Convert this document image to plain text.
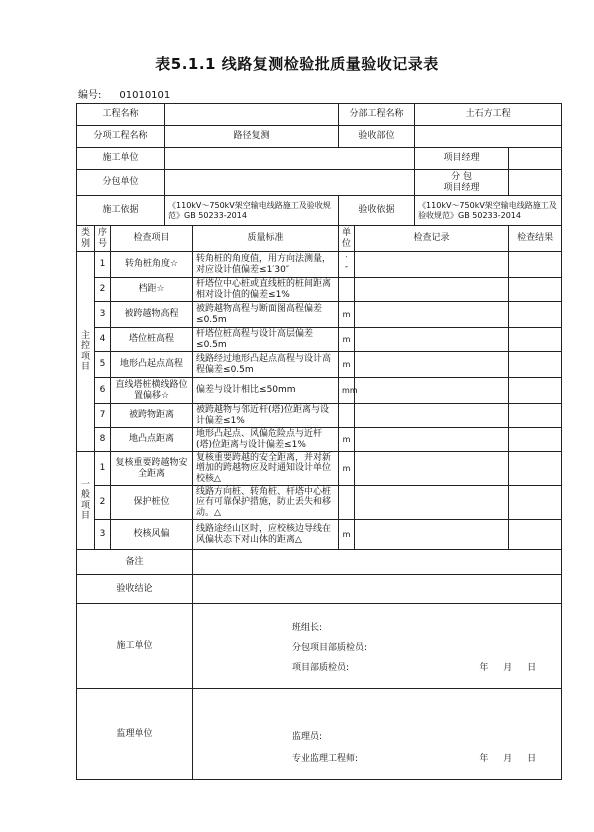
表5.1.1 线路复测检验批质量验收记录表
编号: 01010101
工程名称					分部工程名称		土石方工程	
分项工程名称			路径复测		验收部位			
施工单位							项目经理	
分包单位							分 包
项目经理	

施工依据			《110kV～750kV架空输电线路施工及验收规范》GB 50233-2014		验收依据		《110kV～750kV架空输电线路施工及验收规范》GB 50233-2014	
类别	序号	检查项目		质量标准	单位	检查记录		检查结果
主控项目	1	转角桩角度☆		转角桩的角度值，用方向法测量，对应设计值偏差≤1′30″	′
″			
	2	档距☆		杆塔位中心桩或直线桩的桩间距离相对设计值的偏差≤1%				
	3	被跨越物高程		被跨越物高程与断面图高程偏差≤0.5m	m			
	4	塔位桩高程		杆塔位桩高程与设计高层偏差≤0.5m	m			
	5	地形凸起点高程		线路经过地形凸起点高程与设计高程偏差≤0.5m	m			
	6	直线塔桩横线路位置偏移☆		偏差与设计相比≤50mm	mm			
	7	被跨物距离		被跨越物与邻近杆(塔)位距离与设计偏差≤1%				
	8	地凸点距离		地形凸起点、风偏危险点与近杆(塔)位距离与设计偏差≤1%	m			
一般项目	1	复核重要跨越物安全距离		复核重要跨越的安全距离，并对新增加的跨越物应及时通知设计单位校核△	m			
	2	保护桩位		线路方向桩、转角桩、杆塔中心桩应有可靠保护措施，防止丢失和移动。△				
	3	校核风偏		线路途经山区时，应校核边导线在风偏状态下对山体的距离△	m			
备注								
验收结论								
施工单位				班组长:
分包项目部质检员:
项目部质检员: 年 月 日				

监理单位				监理员:
专业监理工程师: 年 月 日				
